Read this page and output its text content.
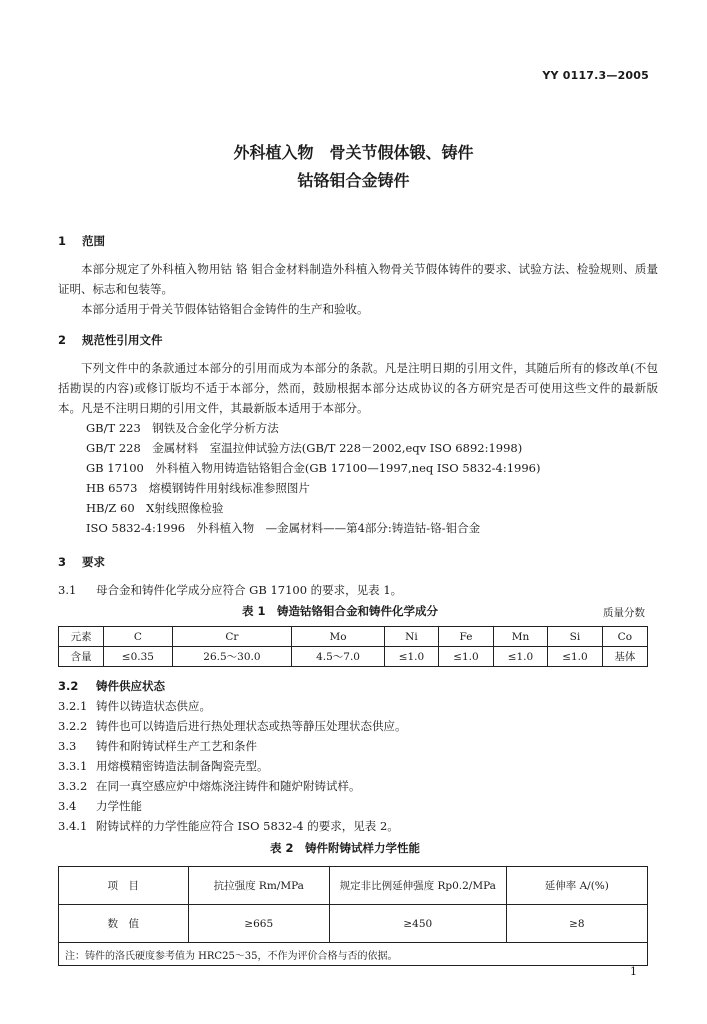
YY 0117.3—2005
外科植入物　骨关节假体锻、铸件
钴铬钼合金铸件
1 范围
本部分规定了外科植入物用钴 铬 钼合金材料制造外科植入物骨关节假体铸件的要求、试验方法、检验规则、质量证明、标志和包装等。
本部分适用于骨关节假体钴铬钼合金铸件的生产和验收。
2 规范性引用文件
下列文件中的条款通过本部分的引用而成为本部分的条款。凡是注明日期的引用文件，其随后所有的修改单(不包括勘误的内容)或修订版均不适于本部分，然而，鼓励根据本部分达成协议的各方研究是否可使用这些文件的最新版本。凡是不注明日期的引用文件，其最新版本适用于本部分。
GB/T 223　钢铁及合金化学分析方法
GB/T 228　金属材料　室温拉伸试验方法(GB/T 228－2002,eqv ISO 6892:1998)
GB 17100　外科植入物用铸造钴铬钼合金(GB 17100—1997,neq ISO 5832-4:1996)
HB 6573　熔模钢铸件用射线标准参照图片
HB/Z 60　X射线照像检验
ISO 5832-4:1996　外科植入物　—金属材料——第4部分:铸造钴-铬-钼合金
3 要求
3.1 母合金和铸件化学成分应符合 GB 17100 的要求，见表 1。
表 1　铸造钴铬钼合金和铸件化学成分	质量分数
元素	C	Cr	Mo	Ni	Fe	Mn	Si	Co
含量	≤0.35	26.5～30.0	4.5～7.0	≤1.0	≤1.0	≤1.0	≤1.0	基体
3.2 铸件供应状态
3.2.1 铸件以铸造状态供应。
3.2.2 铸件也可以铸造后进行热处理状态或热等静压处理状态供应。
3.3 铸件和附铸试样生产工艺和条件
3.3.1 用熔模精密铸造法制备陶瓷壳型。
3.3.2 在同一真空感应炉中熔炼浇注铸件和随炉附铸试样。
3.4 力学性能
3.4.1 附铸试样的力学性能应符合 ISO 5832-4 的要求，见表 2。
表 2　铸件附铸试样力学性能
项　目	抗拉强度 Rm/MPa	规定非比例延伸强度 Rp0.2/MPa	延伸率 A/(%)
数　值	≥665	≥450	≥8
注：铸件的洛氏硬度参考值为 HRC25～35，不作为评价合格与否的依据。			
1
